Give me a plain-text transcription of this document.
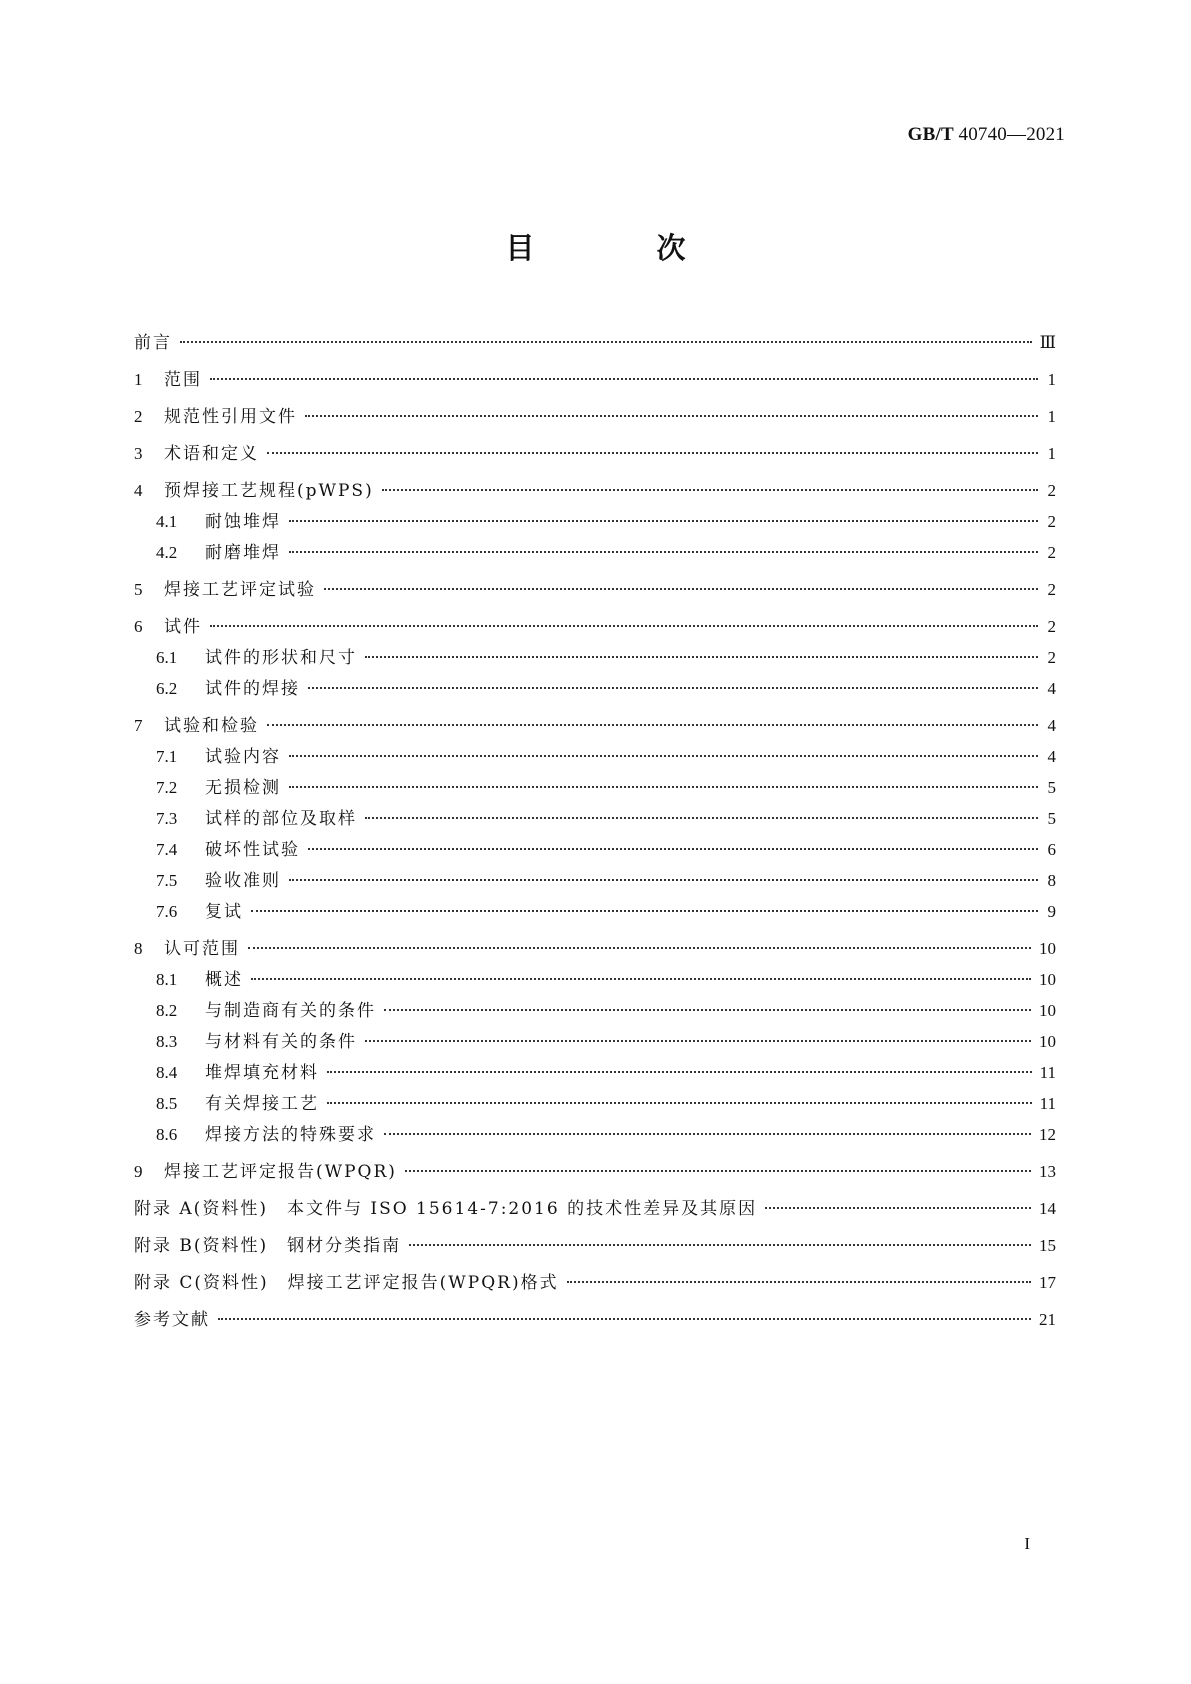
GB/T 40740—2021
目 次
前言	Ⅲ
1	范围	1
2	规范性引用文件	1
3	术语和定义	1
4	预焊接工艺规程(pWPS)	2
4.1	耐蚀堆焊	2
4.2	耐磨堆焊	2
5	焊接工艺评定试验	2
6	试件	2
6.1	试件的形状和尺寸	2
6.2	试件的焊接	4
7	试验和检验	4
7.1	试验内容	4
7.2	无损检测	5
7.3	试样的部位及取样	5
7.4	破坏性试验	6
7.5	验收准则	8
7.6	复试	9
8	认可范围	10
8.1	概述	10
8.2	与制造商有关的条件	10
8.3	与材料有关的条件	10
8.4	堆焊填充材料	11
8.5	有关焊接工艺	11
8.6	焊接方法的特殊要求	12
9	焊接工艺评定报告(WPQR)	13
附录 A(资料性)　本文件与 ISO 15614-7:2016 的技术性差异及其原因	14
附录 B(资料性)　钢材分类指南	15
附录 C(资料性)　焊接工艺评定报告(WPQR)格式	17
参考文献	21
I
